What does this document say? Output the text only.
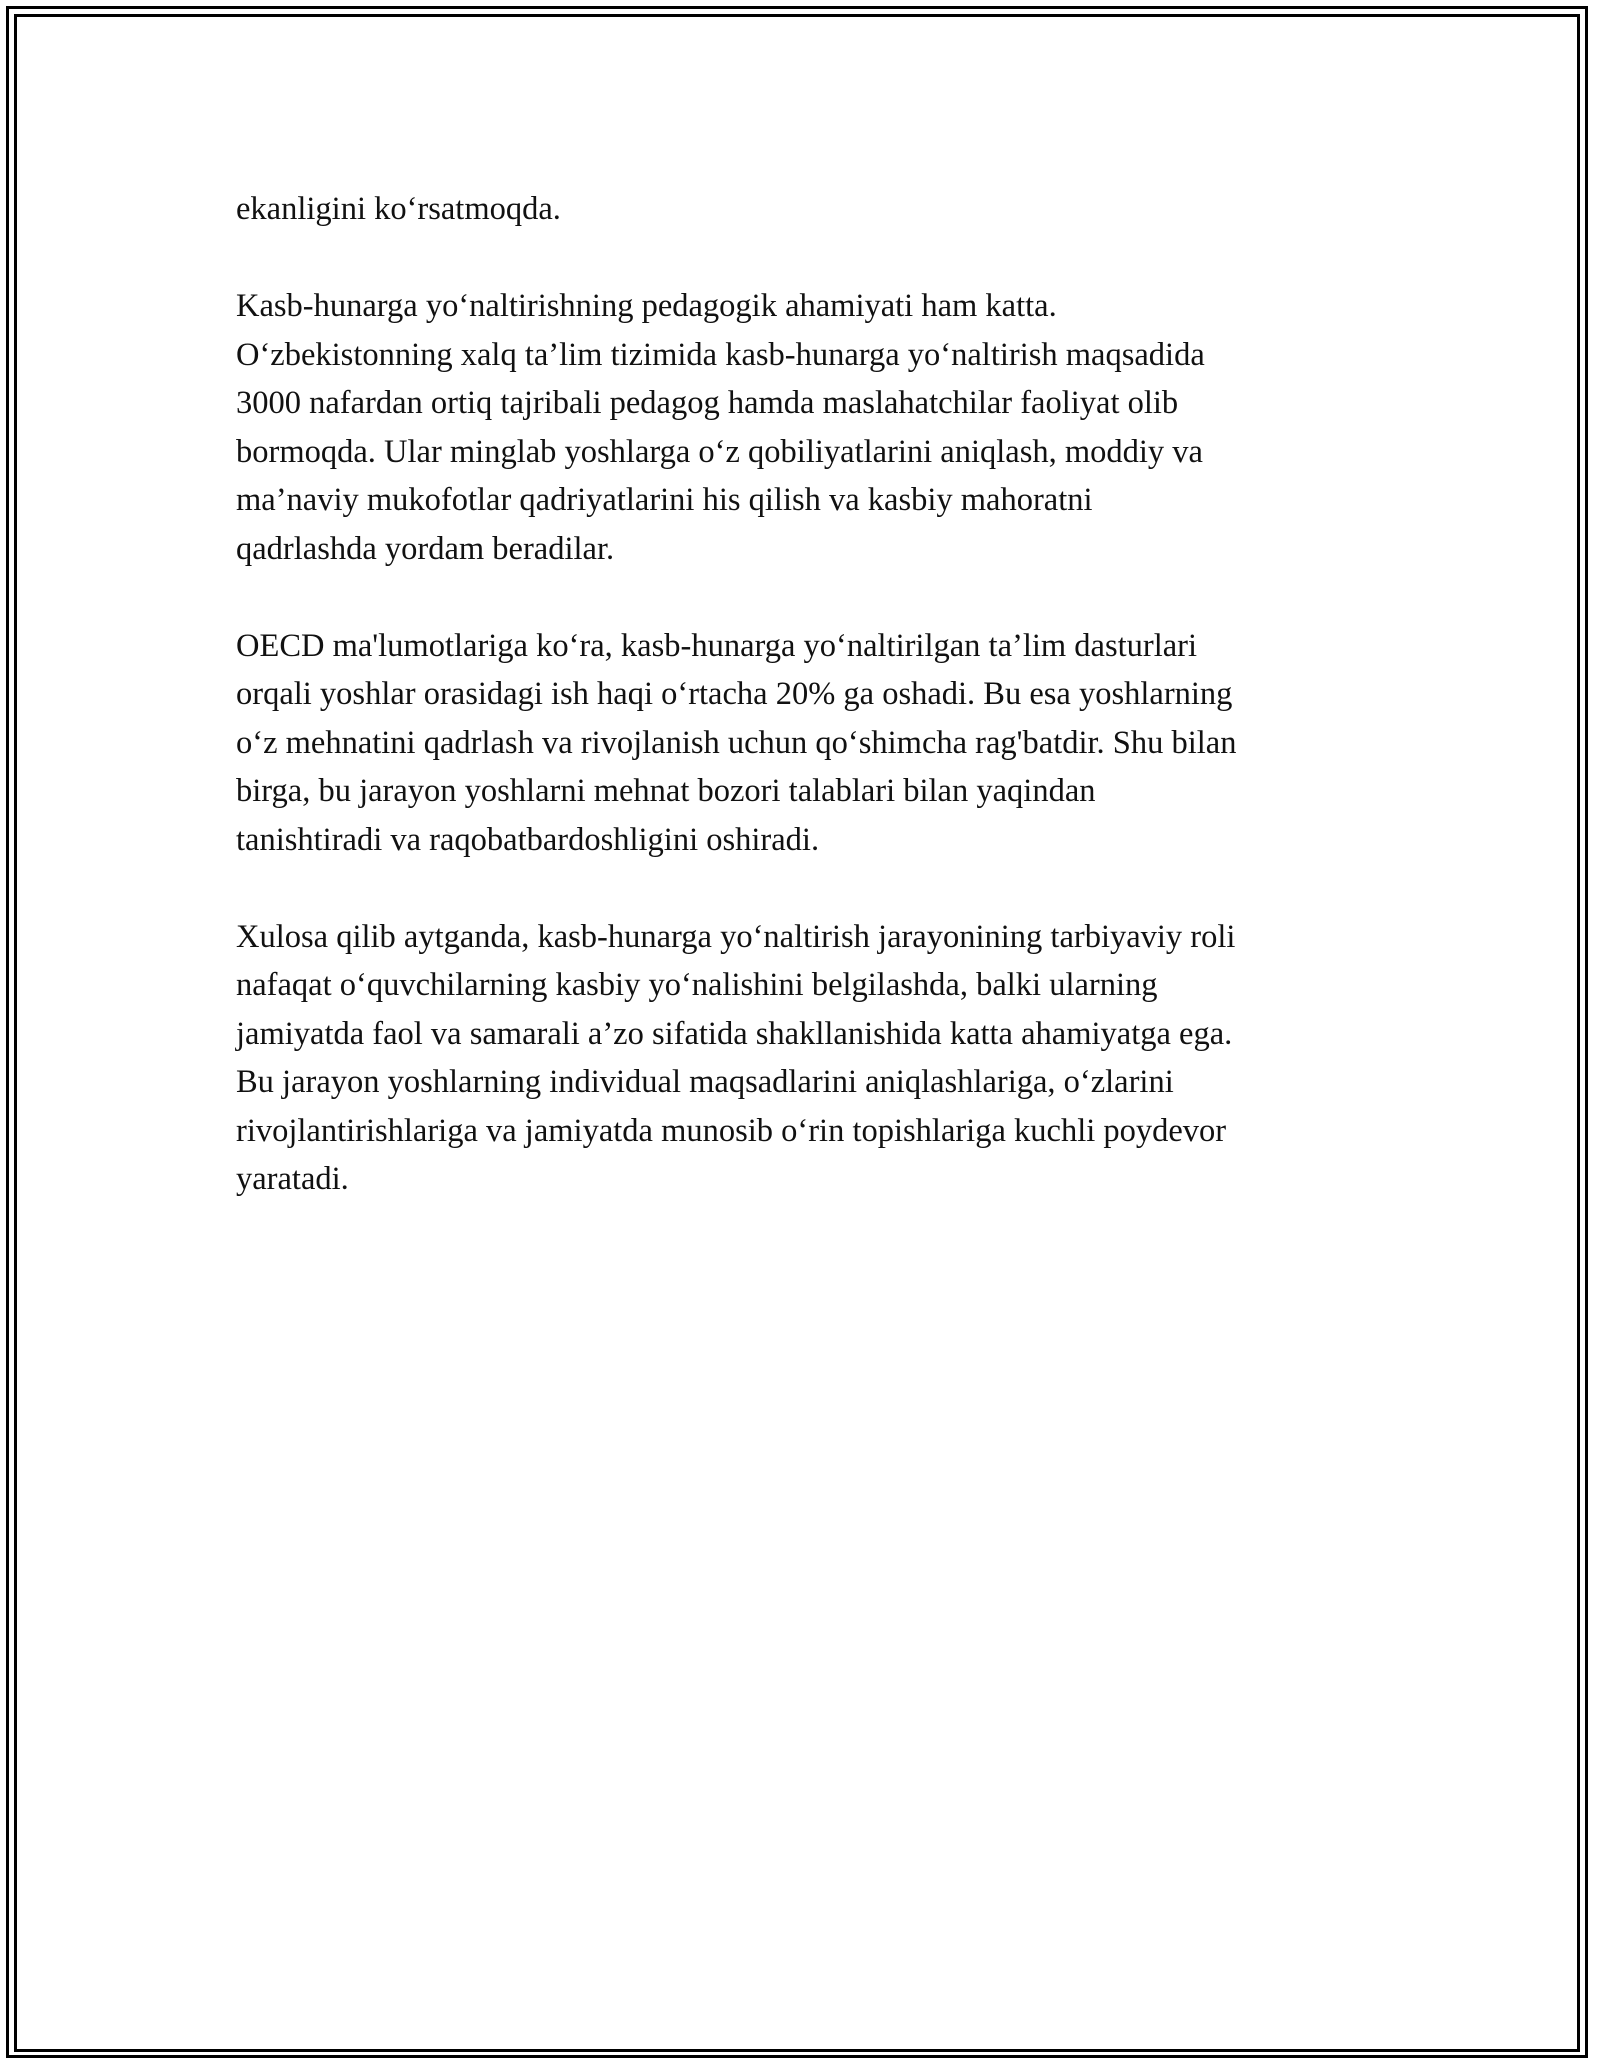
ekanligini ko‘rsatmoqda.

Kasb-hunarga yo‘naltirishning pedagogik ahamiyati ham katta.
O‘zbekistonning xalq ta’lim tizimida kasb-hunarga yo‘naltirish maqsadida
3000 nafardan ortiq tajribali pedagog hamda maslahatchilar faoliyat olib
bormoqda. Ular minglab yoshlarga o‘z qobiliyatlarini aniqlash, moddiy va
ma’naviy mukofotlar qadriyatlarini his qilish va kasbiy mahoratni
qadrlashda yordam beradilar.

OECD ma'lumotlariga ko‘ra, kasb-hunarga yo‘naltirilgan ta’lim dasturlari
orqali yoshlar orasidagi ish haqi o‘rtacha 20% ga oshadi. Bu esa yoshlarning
o‘z mehnatini qadrlash va rivojlanish uchun qo‘shimcha rag'batdir. Shu bilan
birga, bu jarayon yoshlarni mehnat bozori talablari bilan yaqindan
tanishtiradi va raqobatbardoshligini oshiradi.

Xulosa qilib aytganda, kasb-hunarga yo‘naltirish jarayonining tarbiyaviy roli
nafaqat o‘quvchilarning kasbiy yo‘nalishini belgilashda, balki ularning
jamiyatda faol va samarali a’zo sifatida shakllanishida katta ahamiyatga ega.
Bu jarayon yoshlarning individual maqsadlarini aniqlashlariga, o‘zlarini
rivojlantirishlariga va jamiyatda munosib o‘rin topishlariga kuchli poydevor
yaratadi.
